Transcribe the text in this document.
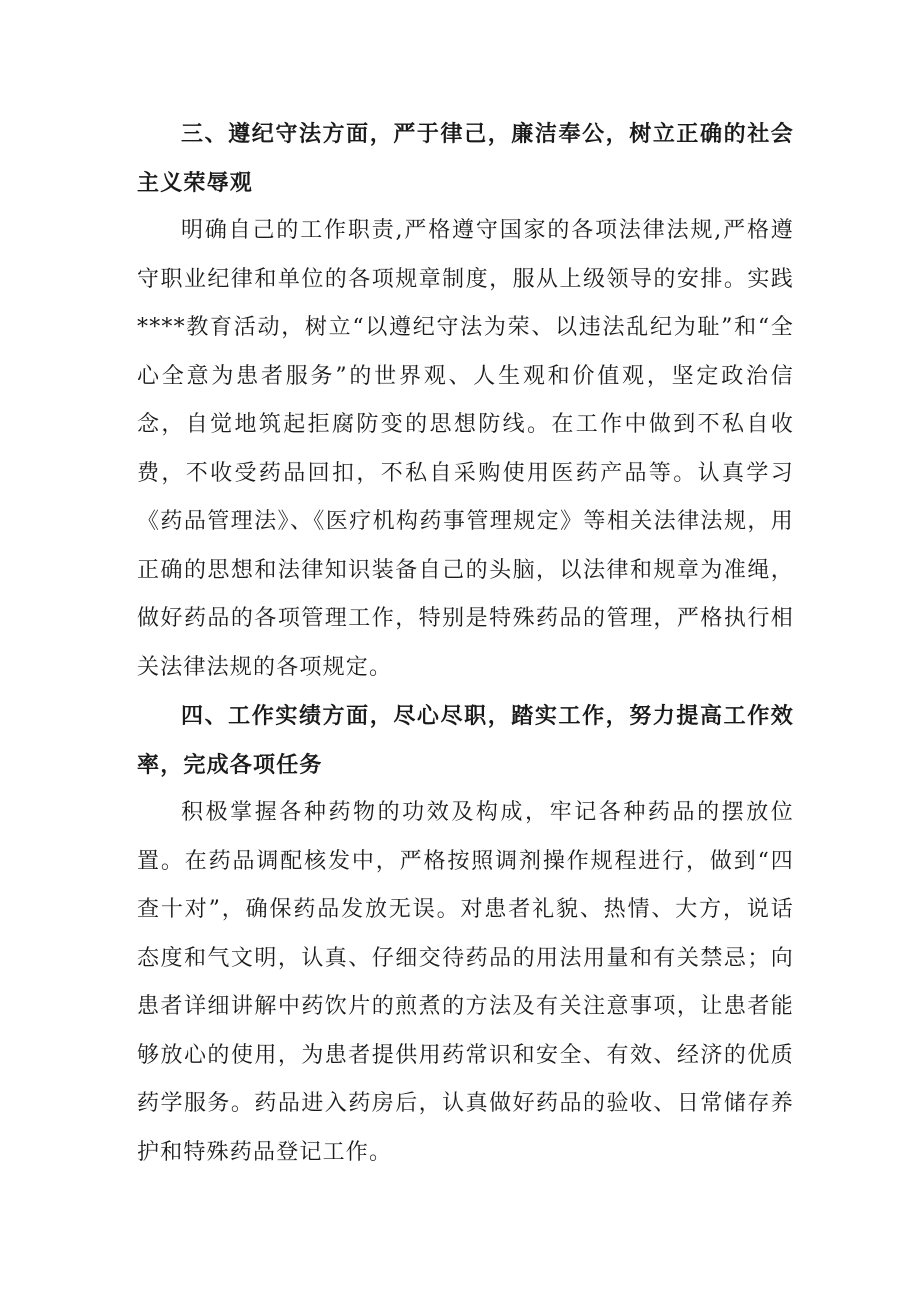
三、遵纪守法方面，严于律己，廉洁奉公，树立正确的社会主义荣辱观

明确自己的工作职责,严格遵守国家的各项法律法规,严格遵守职业纪律和单位的各项规章制度，服从上级领导的安排。实践****教育活动，树立“以遵纪守法为荣、以违法乱纪为耻”和“全心全意为患者服务”的世界观、人生观和价值观，坚定政治信念，自觉地筑起拒腐防变的思想防线。在工作中做到不私自收费，不收受药品回扣，不私自采购使用医药产品等。认真学习《药品管理法》、《医疗机构药事管理规定》等相关法律法规，用正确的思想和法律知识装备自己的头脑，以法律和规章为准绳，做好药品的各项管理工作，特别是特殊药品的管理，严格执行相关法律法规的各项规定。

四、工作实绩方面，尽心尽职，踏实工作，努力提高工作效率，完成各项任务

积极掌握各种药物的功效及构成，牢记各种药品的摆放位置。在药品调配核发中，严格按照调剂操作规程进行，做到“四查十对”，确保药品发放无误。对患者礼貌、热情、大方，说话态度和气文明，认真、仔细交待药品的用法用量和有关禁忌；向患者详细讲解中药饮片的煎煮的方法及有关注意事项，让患者能够放心的使用，为患者提供用药常识和安全、有效、经济的优质药学服务。药品进入药房后，认真做好药品的验收、日常储存养护和特殊药品登记工作。
